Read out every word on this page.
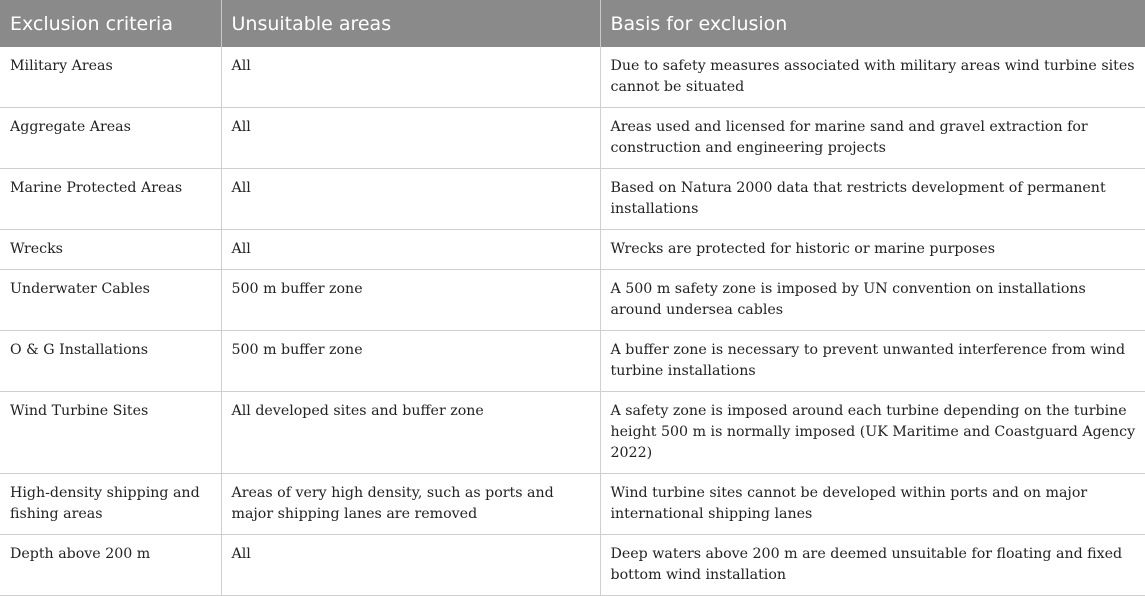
Exclusion criteria	Unsuitable areas	Basis for exclusion
Military Areas	All	Due to safety measures associated with military areas wind turbine sites cannot be situated
Aggregate Areas	All	Areas used and licensed for marine sand and gravel extraction for construction and engineering projects
Marine Protected Areas	All	Based on Natura 2000 data that restricts development of permanent installations
Wrecks	All	Wrecks are protected for historic or marine purposes
Underwater Cables	500 m buffer zone	A 500 m safety zone is imposed by UN convention on installations around undersea cables
O & G Installations	500 m buffer zone	A buffer zone is necessary to prevent unwanted interference from wind turbine installations
Wind Turbine Sites	All developed sites and buffer zone	A safety zone is imposed around each turbine depending on the turbine height 500 m is normally imposed (UK Maritime and Coastguard Agency 2022)
High-density shipping and fishing areas	Areas of very high density, such as ports and major shipping lanes are removed	Wind turbine sites cannot be developed within ports and on major international shipping lanes
Depth above 200 m	All	Deep waters above 200 m are deemed unsuitable for floating and fixed bottom wind installation
